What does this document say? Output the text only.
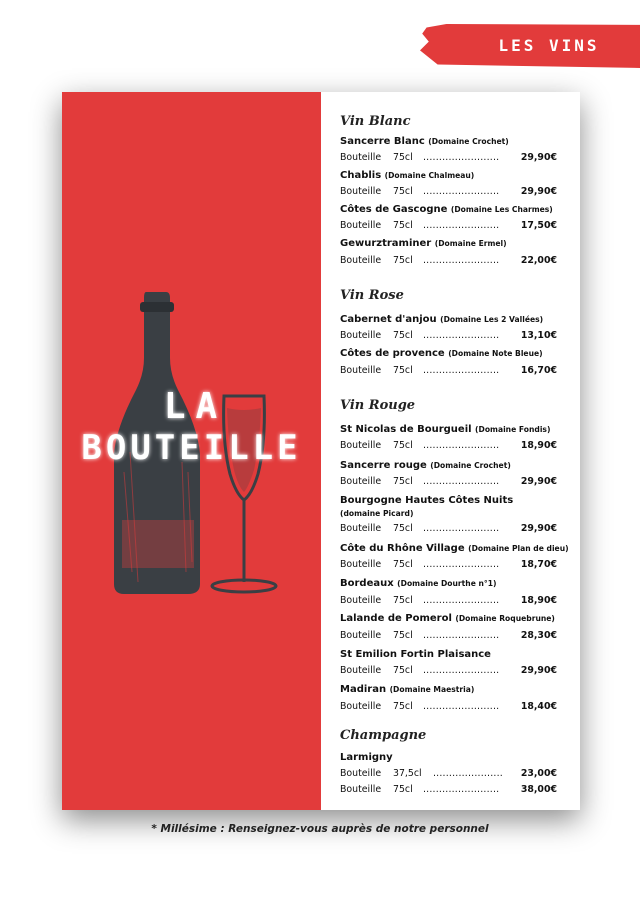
LES VINS
LA
BOUTEILLE
Vin Blanc
Sancerre Blanc (Domaine Crochet)
Bouteille 75cl ........................ 29,90€
Chablis (Domaine Chalmeau)
Bouteille 75cl ........................ 29,90€
Côtes de Gascogne (Domaine Les Charmes)
Bouteille 75cl ........................ 17,50€
Gewurztraminer (Domaine Ermel)
Bouteille 75cl ........................ 22,00€
Vin Rose
Cabernet d'anjou (Domaine Les 2 Vallées)
Bouteille 75cl ........................ 13,10€
Côtes de provence (Domaine Note Bleue)
Bouteille 75cl ........................ 16,70€
Vin Rouge
St Nicolas de Bourgueil (Domaine Fondis)
Bouteille 75cl ........................ 18,90€
Sancerre rouge (Domaine Crochet)
Bouteille 75cl ........................ 29,90€
Bourgogne Hautes Côtes Nuits
(domaine Picard)
Bouteille 75cl ........................ 29,90€
Côte du Rhône Village (Domaine Plan de dieu)
Bouteille 75cl ........................ 18,70€
Bordeaux (Domaine Dourthe n°1)
Bouteille 75cl ........................ 18,90€
Lalande de Pomerol (Domaine Roquebrune)
Bouteille 75cl ........................ 28,30€
St Emilion Fortin Plaisance
Bouteille 75cl ........................ 29,90€
Madiran (Domaine Maestria)
Bouteille 75cl ........................ 18,40€
Champagne
Larmigny
Bouteille 37,5cl ...................... 23,00€
Bouteille 75cl ........................ 38,00€
* Millésime : Renseignez-vous auprès de notre personnel
